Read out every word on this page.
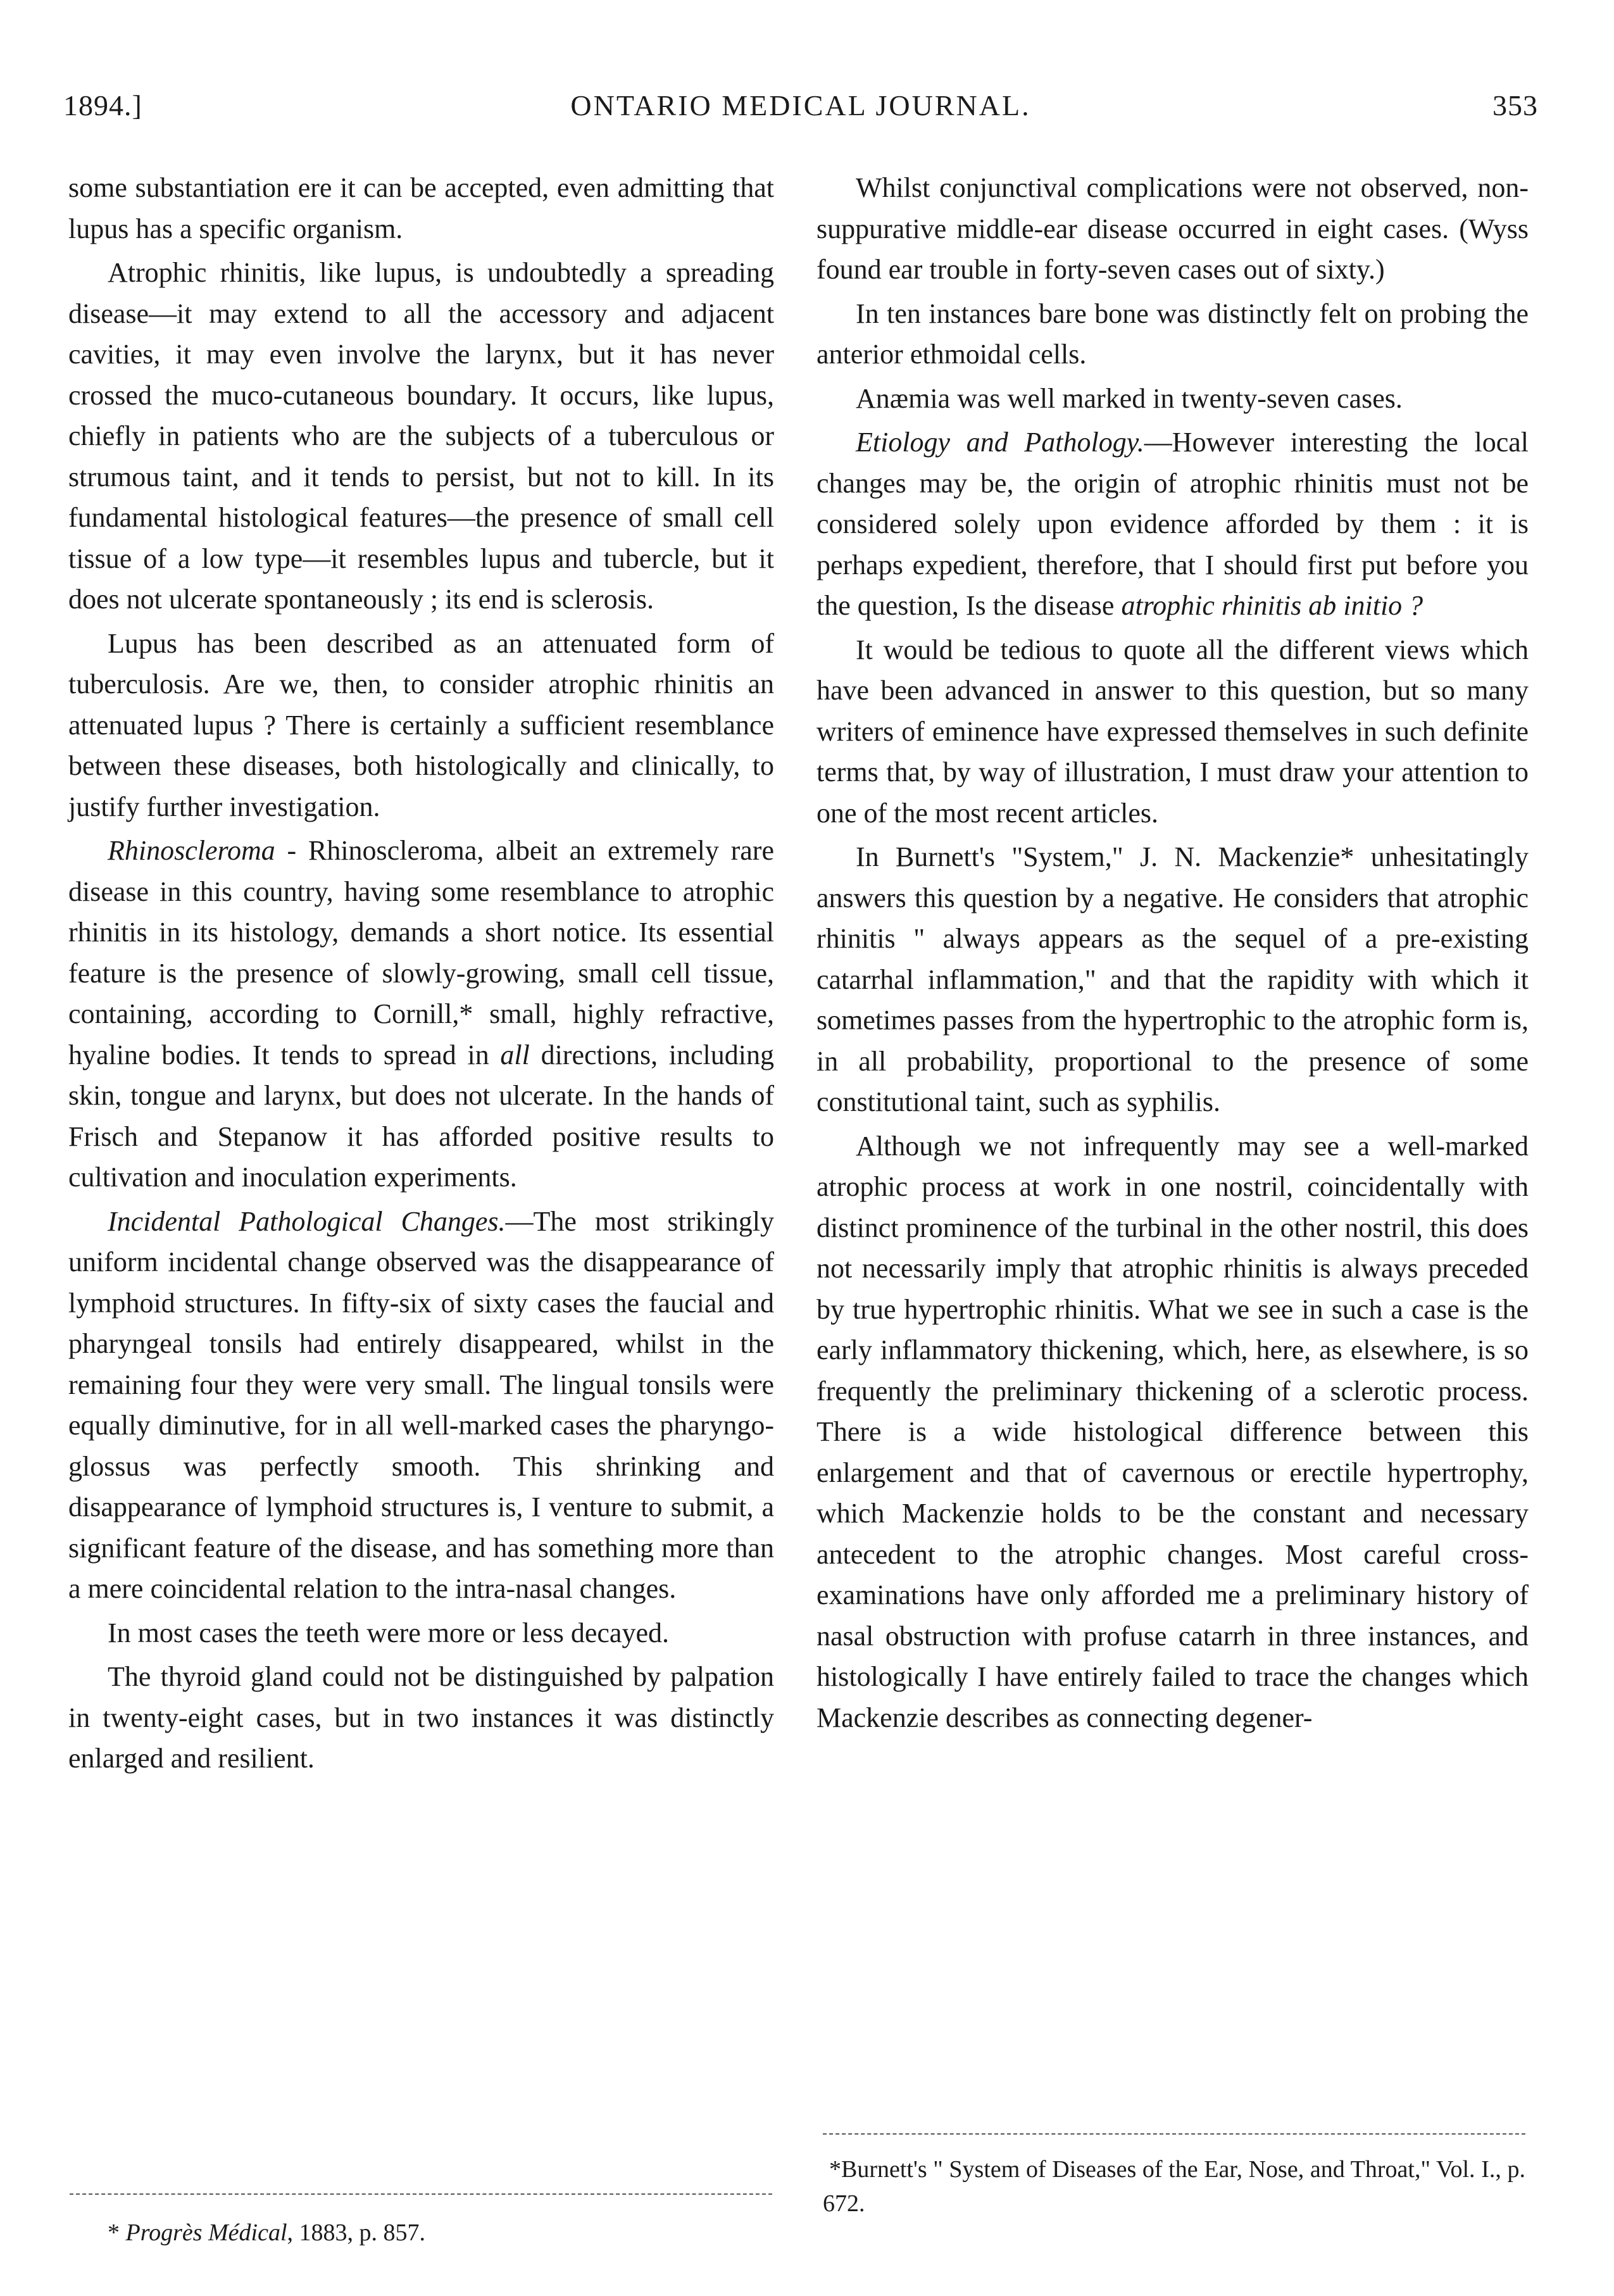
1894.]	ONTARIO MEDICAL JOURNAL.	353

some substantiation ere it can be accepted, even admitting that lupus has a specific organism.

Atrophic rhinitis, like lupus, is undoubtedly a spreading disease—it may extend to all the accessory and adjacent cavities, it may even involve the larynx, but it has never crossed the muco-cutaneous boundary. It occurs, like lupus, chiefly in patients who are the subjects of a tuberculous or strumous taint, and it tends to persist, but not to kill. In its fundamental histological features—the presence of small cell tissue of a low type—it resembles lupus and tubercle, but it does not ulcerate spontaneously ; its end is sclerosis.

Lupus has been described as an attenuated form of tuberculosis. Are we, then, to consider atrophic rhinitis an attenuated lupus ? There is certainly a sufficient resemblance between these diseases, both histologically and clinically, to justify further investigation.

Rhinoscleroma - Rhinoscleroma, albeit an extremely rare disease in this country, having some resemblance to atrophic rhinitis in its histology, demands a short notice. Its essential feature is the presence of slowly-growing, small cell tissue, containing, according to Cornill,* small, highly refractive, hyaline bodies. It tends to spread in all directions, including skin, tongue and larynx, but does not ulcerate. In the hands of Frisch and Stepanow it has afforded positive results to cultivation and inoculation experiments.

Incidental Pathological Changes.—The most strikingly uniform incidental change observed was the disappearance of lymphoid structures. In fifty-six of sixty cases the faucial and pharyngeal tonsils had entirely disappeared, whilst in the remaining four they were very small. The lingual tonsils were equally diminutive, for in all well-marked cases the pharyngo-glossus was perfectly smooth. This shrinking and disappearance of lymphoid structures is, I venture to submit, a significant feature of the disease, and has something more than a mere coincidental relation to the intra-nasal changes.

In most cases the teeth were more or less decayed.

The thyroid gland could not be distinguished by palpation in twenty-eight cases, but in two instances it was distinctly enlarged and resilient.

* Progrès Médical, 1883, p. 857.

Whilst conjunctival complications were not observed, non-suppurative middle-ear disease occurred in eight cases. (Wyss found ear trouble in forty-seven cases out of sixty.)

In ten instances bare bone was distinctly felt on probing the anterior ethmoidal cells.

Anæmia was well marked in twenty-seven cases.

Etiology and Pathology.—However interesting the local changes may be, the origin of atrophic rhinitis must not be considered solely upon evidence afforded by them : it is perhaps expedient, therefore, that I should first put before you the question, Is the disease atrophic rhinitis ab initio ?

It would be tedious to quote all the different views which have been advanced in answer to this question, but so many writers of eminence have expressed themselves in such definite terms that, by way of illustration, I must draw your attention to one of the most recent articles.

In Burnett's "System," J. N. Mackenzie* unhesitatingly answers this question by a negative. He considers that atrophic rhinitis " always appears as the sequel of a pre-existing catarrhal inflammation," and that the rapidity with which it sometimes passes from the hypertrophic to the atrophic form is, in all probability, proportional to the presence of some constitutional taint, such as syphilis.

Although we not infrequently may see a well-marked atrophic process at work in one nostril, coincidentally with distinct prominence of the turbinal in the other nostril, this does not necessarily imply that atrophic rhinitis is always preceded by true hypertrophic rhinitis. What we see in such a case is the early inflammatory thickening, which, here, as elsewhere, is so frequently the preliminary thickening of a sclerotic process. There is a wide histological difference between this enlargement and that of cavernous or erectile hypertrophy, which Mackenzie holds to be the constant and necessary antecedent to the atrophic changes. Most careful cross-examinations have only afforded me a preliminary history of nasal obstruction with profuse catarrh in three instances, and histologically I have entirely failed to trace the changes which Mackenzie describes as connecting degener-

*Burnett's " System of Diseases of the Ear, Nose, and Throat," Vol. I., p. 672.
